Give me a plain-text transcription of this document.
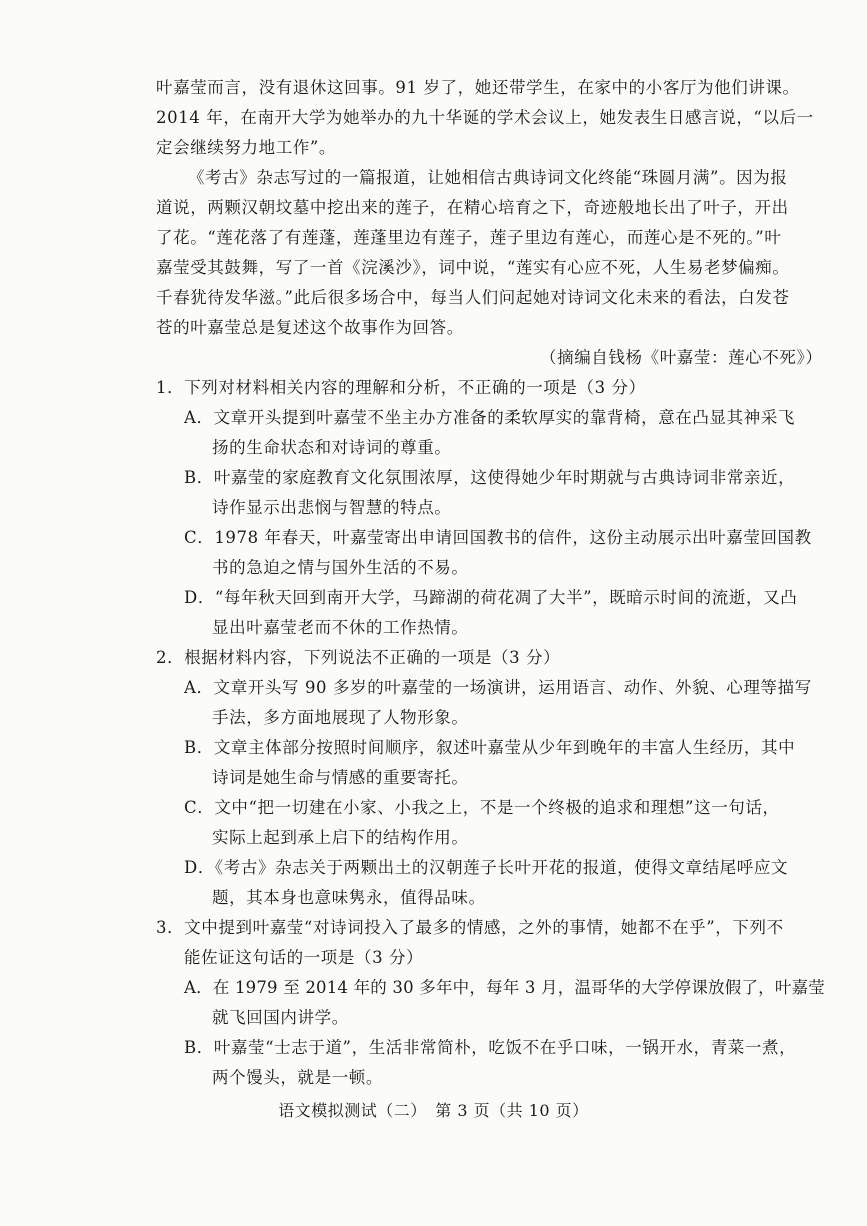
叶嘉莹而言，没有退休这回事。91 岁了，她还带学生，在家中的小客厅为他们讲课。
2014 年，在南开大学为她举办的九十华诞的学术会议上，她发表生日感言说，“以后一
定会继续努力地工作”。
《考古》杂志写过的一篇报道，让她相信古典诗词文化终能“珠圆月满”。因为报
道说，两颗汉朝坟墓中挖出来的莲子，在精心培育之下，奇迹般地长出了叶子，开出
了花。“莲花落了有莲蓬，莲蓬里边有莲子，莲子里边有莲心，而莲心是不死的。”叶
嘉莹受其鼓舞，写了一首《浣溪沙》，词中说，“莲实有心应不死，人生易老梦偏痴。
千春犹待发华滋。”此后很多场合中，每当人们问起她对诗词文化未来的看法，白发苍
苍的叶嘉莹总是复述这个故事作为回答。
（摘编自钱杨《叶嘉莹：莲心不死》）
1．下列对材料相关内容的理解和分析，不正确的一项是（3 分）
A．文章开头提到叶嘉莹不坐主办方准备的柔软厚实的靠背椅，意在凸显其神采飞
扬的生命状态和对诗词的尊重。
B．叶嘉莹的家庭教育文化氛围浓厚，这使得她少年时期就与古典诗词非常亲近，
诗作显示出悲悯与智慧的特点。
C．1978 年春天，叶嘉莹寄出申请回国教书的信件，这份主动展示出叶嘉莹回国教
书的急迫之情与国外生活的不易。
D．“每年秋天回到南开大学，马蹄湖的荷花凋了大半”，既暗示时间的流逝，又凸
显出叶嘉莹老而不休的工作热情。
2．根据材料内容，下列说法不正确的一项是（3 分）
A．文章开头写 90 多岁的叶嘉莹的一场演讲，运用语言、动作、外貌、心理等描写
手法，多方面地展现了人物形象。
B．文章主体部分按照时间顺序，叙述叶嘉莹从少年到晚年的丰富人生经历，其中
诗词是她生命与情感的重要寄托。
C．文中“把一切建在小家、小我之上，不是一个终极的追求和理想”这一句话，
实际上起到承上启下的结构作用。
D．《考古》杂志关于两颗出土的汉朝莲子长叶开花的报道，使得文章结尾呼应文
题，其本身也意味隽永，值得品味。
3．文中提到叶嘉莹“对诗词投入了最多的情感，之外的事情，她都不在乎”，下列不
能佐证这句话的一项是（3 分）
A．在 1979 至 2014 年的 30 多年中，每年 3 月，温哥华的大学停课放假了，叶嘉莹
就飞回国内讲学。
B．叶嘉莹“士志于道”，生活非常简朴，吃饭不在乎口味，一锅开水，青菜一煮，
两个馒头，就是一顿。
语文模拟测试（二）　第 3 页（共 10 页）
